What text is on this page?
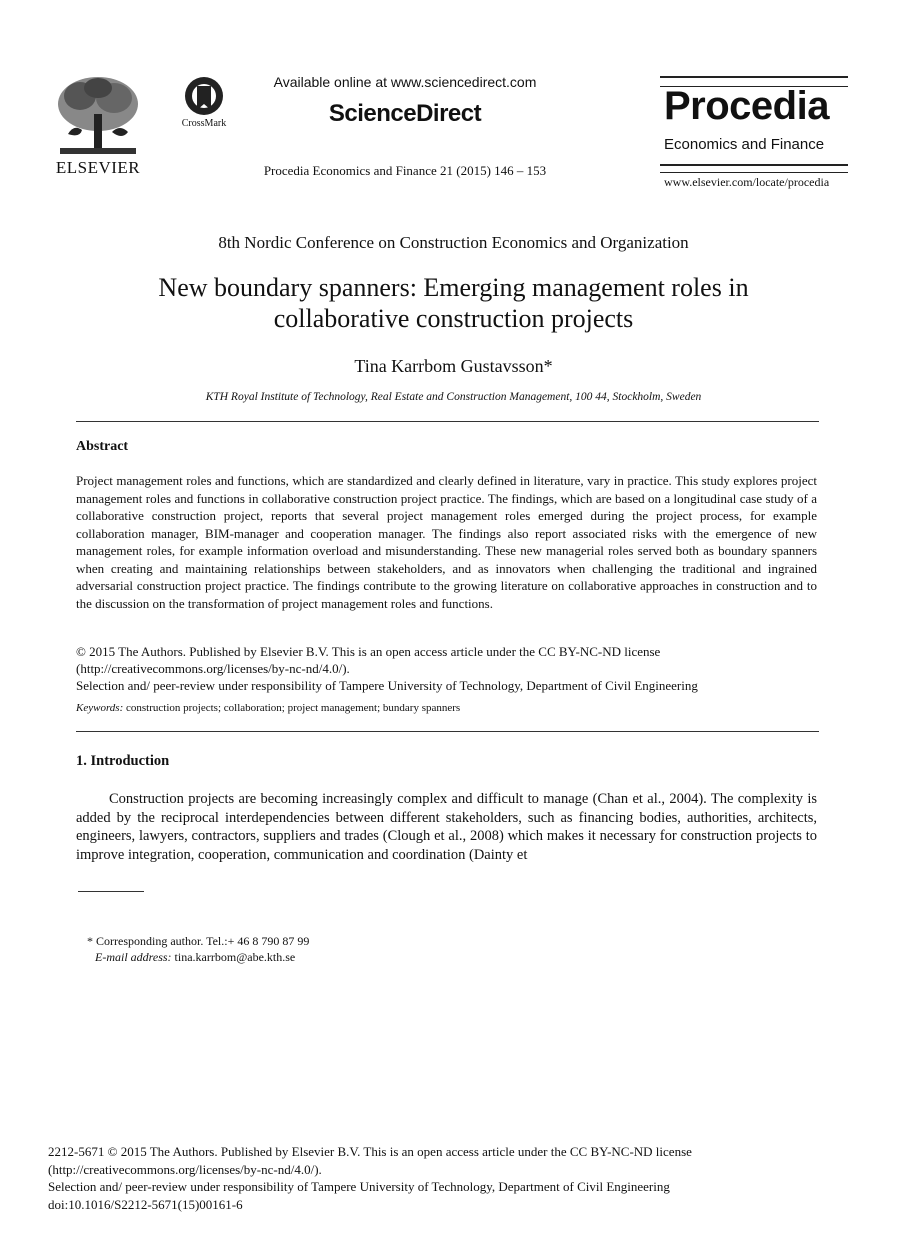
ELSEVIER
CrossMark
Available online at www.sciencedirect.com
ScienceDirect
Procedia Economics and Finance 21 (2015) 146 – 153
Procedia
Economics and Finance
www.elsevier.com/locate/procedia
8th Nordic Conference on Construction Economics and Organization
New boundary spanners: Emerging management roles in
collaborative construction projects
Tina Karrbom Gustavsson*
KTH Royal Institute of Technology, Real Estate and Construction Management, 100 44, Stockholm, Sweden
Abstract
Project management roles and functions, which are standardized and clearly defined in literature, vary in practice. This study explores project management roles and functions in collaborative construction project practice. The findings, which are based on a longitudinal case study of a collaborative construction project, reports that several project management roles emerged during the project process, for example collaboration manager, BIM-manager and cooperation manager. The findings also report associated risks with the emergence of new management roles, for example information overload and misunderstanding. These new managerial roles served both as boundary spanners when creating and maintaining relationships between stakeholders, and as innovators when challenging the traditional and ingrained adversarial construction project practice. The findings contribute to the growing literature on collaborative approaches in construction and to the discussion on the transformation of project management roles and functions.
© 2015 The Authors. Published by Elsevier B.V. This is an open access article under the CC BY-NC-ND license
(http://creativecommons.org/licenses/by-nc-nd/4.0/).
Selection and/ peer-review under responsibility of Tampere University of Technology, Department of Civil Engineering
Keywords: construction projects; collaboration; project management; bundary spanners
1. Introduction
Construction projects are becoming increasingly complex and difficult to manage (Chan et al., 2004). The complexity is added by the reciprocal interdependencies between different stakeholders, such as financing bodies, authorities, architects, engineers, lawyers, contractors, suppliers and trades (Clough et al., 2008) which makes it necessary for construction projects to improve integration, cooperation, communication and coordination (Dainty et
* Corresponding author. Tel.:+ 46 8 790 87 99
E-mail address: tina.karrbom@abe.kth.se
2212-5671 © 2015 The Authors. Published by Elsevier B.V. This is an open access article under the CC BY-NC-ND license
(http://creativecommons.org/licenses/by-nc-nd/4.0/).
Selection and/ peer-review under responsibility of Tampere University of Technology, Department of Civil Engineering
doi:10.1016/S2212-5671(15)00161-6
